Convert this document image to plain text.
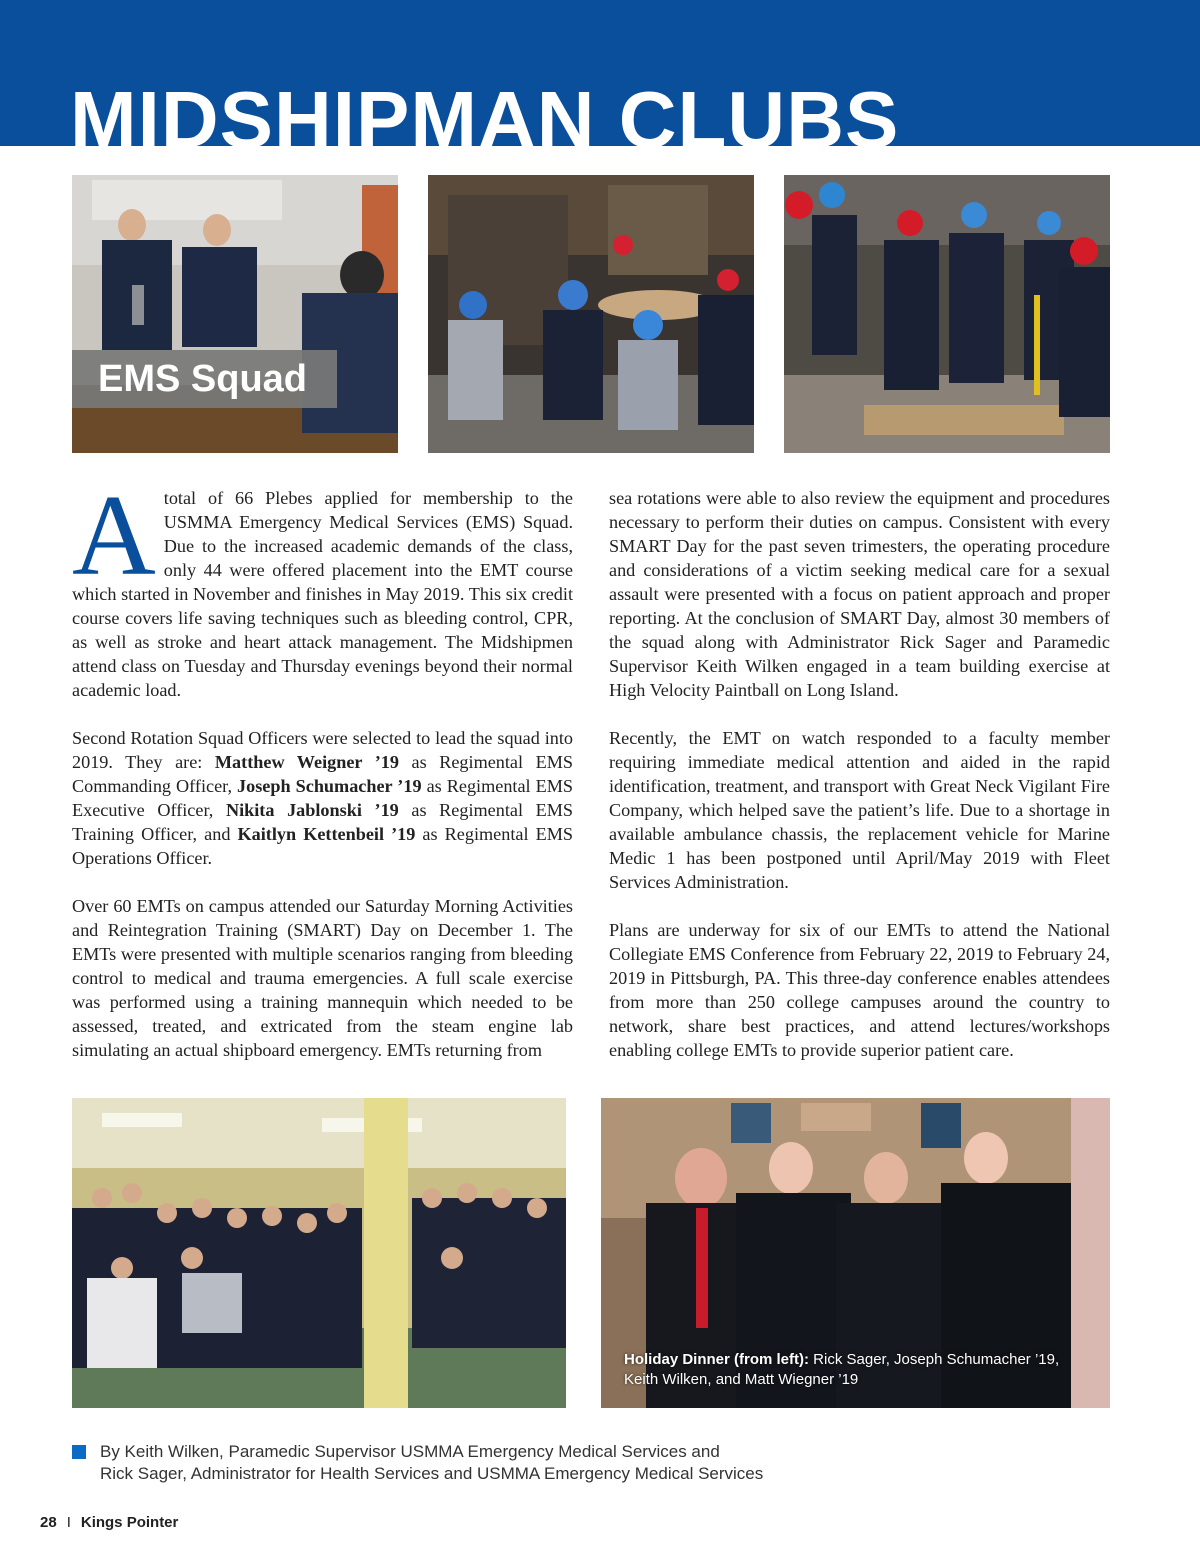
MIDSHIPMAN CLUBS
EMS Squad

Atotal of 66 Plebes applied for membership to the USMMA Emergency Medical Services (EMS) Squad. Due to the increased academic demands of the class, only 44 were offered placement into the EMT course which started in November and finishes in May 2019. This six credit course covers life saving techniques such as bleeding control, CPR, as well as stroke and heart attack management. The Midshipmen attend class on Tuesday and Thursday evenings beyond their normal academic load.

Second Rotation Squad Officers were selected to lead the squad into 2019. They are: Matthew Weigner ’19 as Regimental EMS Commanding Officer, Joseph Schumacher ’19 as Regimental EMS Executive Officer, Nikita Jablonski ’19 as Regimental EMS Training Officer, and Kaitlyn Kettenbeil ’19 as Regimental EMS Operations Officer.

Over 60 EMTs on campus attended our Saturday Morning Activities and Reintegration Training (SMART) Day on December 1. The EMTs were presented with multiple scenarios ranging from bleeding control to medical and trauma emergencies. A full scale exercise was performed using a training mannequin which needed to be assessed, treated, and extricated from the steam engine lab simulating an actual shipboard emergency. EMTs returning from

sea rotations were able to also review the equipment and procedures necessary to perform their duties on campus. Consistent with every SMART Day for the past seven trimesters, the operating procedure and considerations of a victim seeking medical care for a sexual assault were presented with a focus on patient approach and proper reporting. At the conclusion of SMART Day, almost 30 members of the squad along with Administrator Rick Sager and Paramedic Supervisor Keith Wilken engaged in a team building exercise at High Velocity Paintball on Long Island.

Recently, the EMT on watch responded to a faculty member requiring immediate medical attention and aided in the rapid identification, treatment, and transport with Great Neck Vigilant Fire Company, which helped save the patient’s life. Due to a shortage in available ambulance chassis, the replacement vehicle for Marine Medic 1 has been postponed until April/May 2019 with Fleet Services Administration.

Plans are underway for six of our EMTs to attend the National Collegiate EMS Conference from February 22, 2019 to February 24, 2019 in Pittsburgh, PA. This three-day conference enables attendees from more than 250 college campuses around the country to network, share best practices, and attend lectures/workshops enabling college EMTs to provide superior patient care.

Holiday Dinner (from left): Rick Sager, Joseph Schumacher ’19, Keith Wilken, and Matt Wiegner ’19
By Keith Wilken, Paramedic Supervisor USMMA Emergency Medical Services and
Rick Sager, Administrator for Health Services and USMMA Emergency Medical Services
28 I Kings Pointer
